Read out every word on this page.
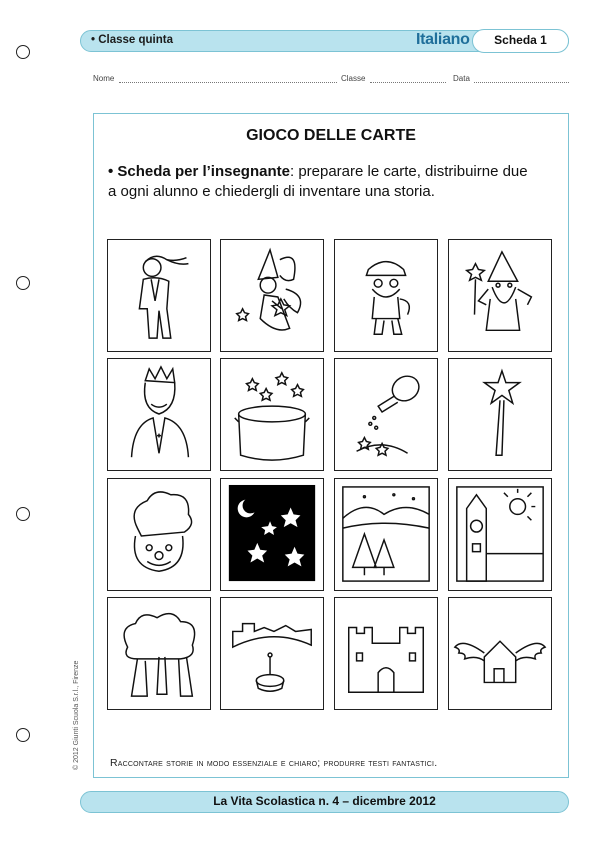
• Classe quinta	Italiano	Scheda 1
Nome	Classe	Data
GIOCO DELLE CARTE
• Scheda per l’insegnante: preparare le carte, distribuirne due a ogni alunno e chiedergli di inventare una storia.
Raccontare storie in modo essenziale e chiaro; produrre testi fantastici.
© 2012 Giunti Scuola S.r.l., Firenze
La Vita Scolastica n. 4 – dicembre 2012
